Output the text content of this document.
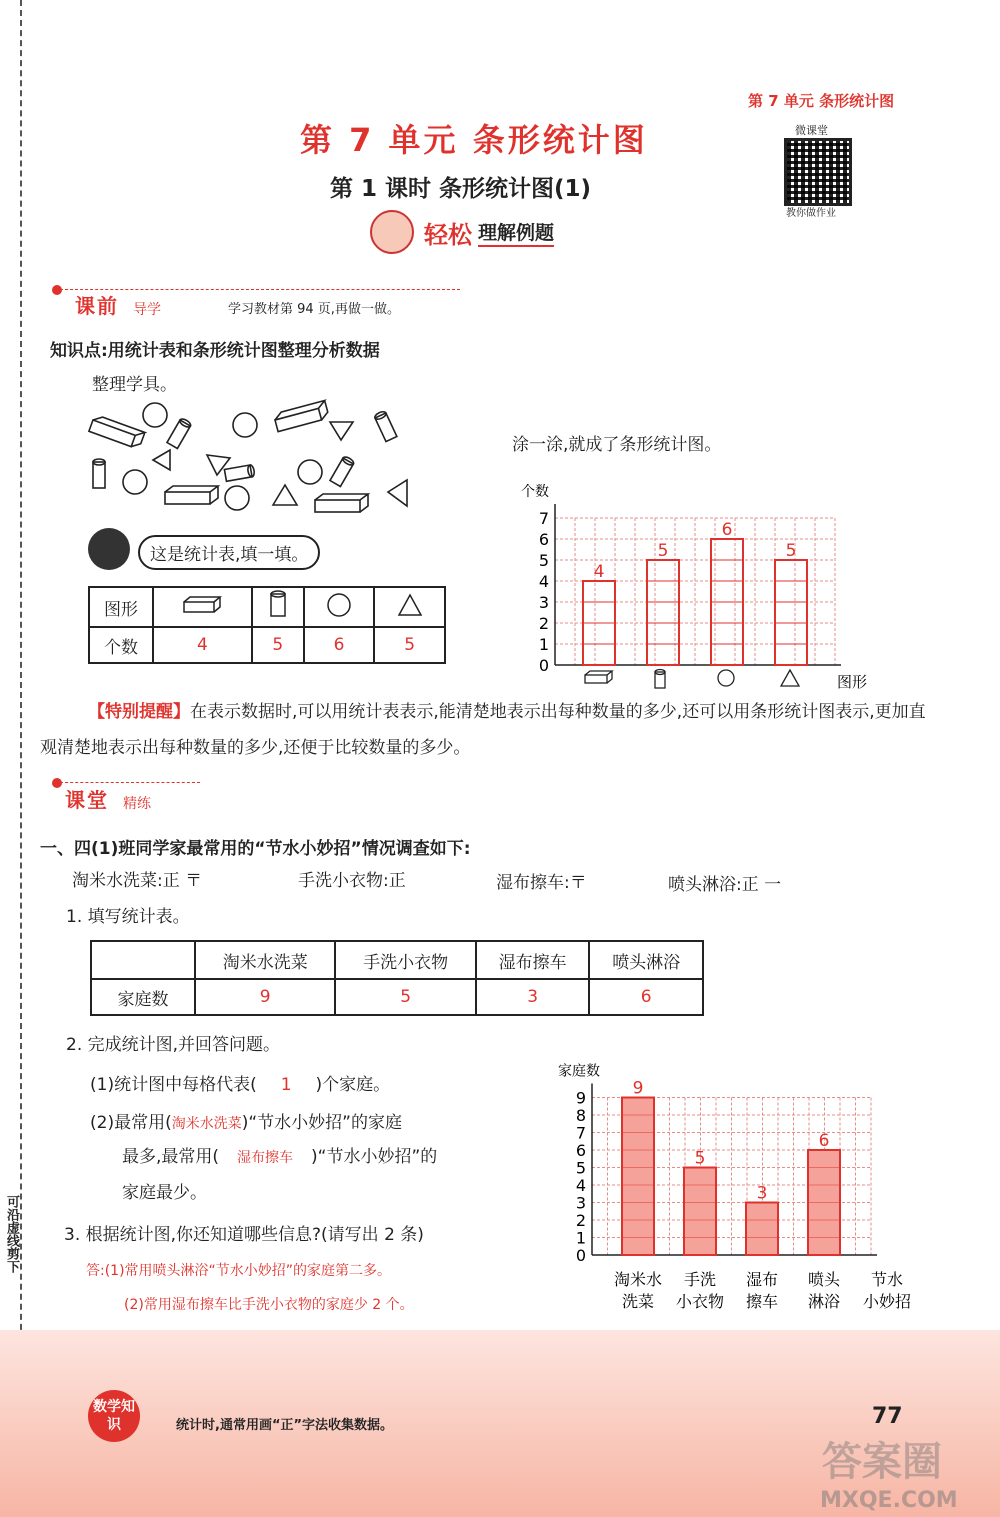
可沿虚线剪下
第 7 单元 条形统计图
微课堂
教你做作业
第 7 单元 条形统计图
第 1 课时 条形统计图(1)
轻松 理解例题
课前 导学	学习教材第 94 页,再做一做。
知识点:用统计表和条形统计图整理分析数据
整理学具。
涂一涂,就成了条形统计图。
这是统计表,填一填。
图形				
个数	4	5	6	5
0
1
2
3
4
5
6
7
个数
4
5
6
5
图形
【特别提醒】在表示数据时,可以用统计表表示,能清楚地表示出每种数量的多少,还可以用条形统计图表示,更加直观清楚地表示出每种数量的多少,还便于比较数量的多少。
课堂 精练
一、四(1)班同学家最常用的“节水小妙招”情况调查如下:
淘米水洗菜:正 〒	手洗小衣物:正	湿布擦车:〒	喷头淋浴:正 一
1. 填写统计表。
	淘米水洗菜	手洗小衣物	湿布擦车	喷头淋浴
家庭数	9	5	3	6
2. 完成统计图,并回答问题。
(1)统计图中每格代表( 1 )个家庭。
(2)最常用(淘米水洗菜)“节水小妙招”的家庭
最多,最常用( 湿布擦车 )“节水小妙招”的
家庭最少。
3. 根据统计图,你还知道哪些信息?(请写出 2 条)
答:(1)常用喷头淋浴“节水小妙招”的家庭第二多。
(2)常用湿布擦车比手洗小衣物的家庭少 2 个。
0
1
2
3
4
5
6
7
8
9
家庭数
9
5
3
6
淘米水
洗菜
手洗
小衣物
湿布
擦车
喷头
淋浴
节水
小妙招
数学知识	统计时,通常用画“正”字法收集数据。	77
答案圈
MXQE.COM
